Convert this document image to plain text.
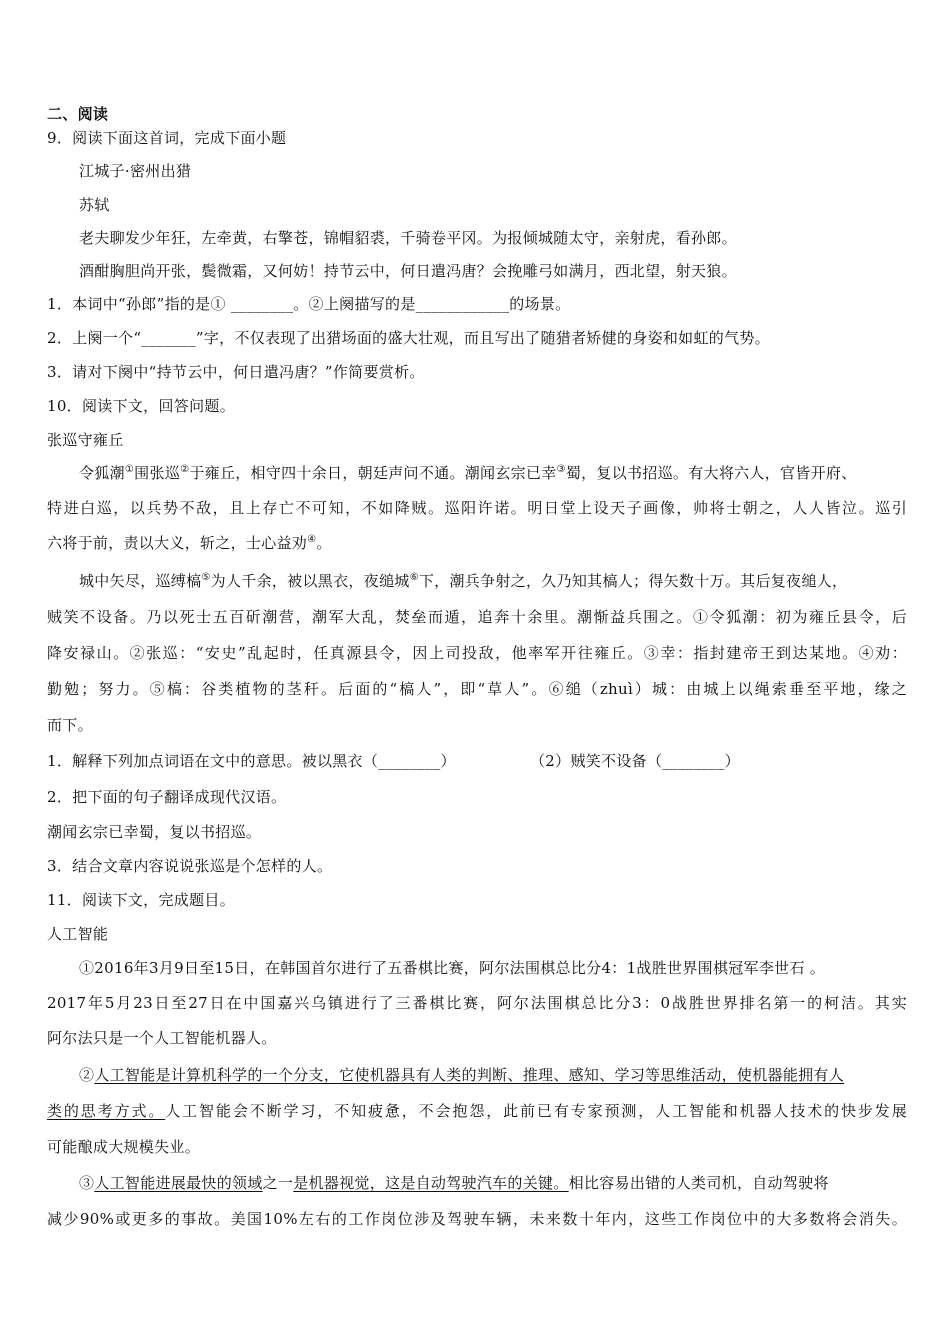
二、阅读
9．阅读下面这首词，完成下面小题
江城子·密州出猎
苏轼
老夫聊发少年狂，左牵黄，右擎苍，锦帽貂裘，千骑卷平冈。为报倾城随太守，亲射虎，看孙郎。
酒酣胸胆尚开张，鬓微霜，又何妨！持节云中，何日遣冯唐？会挽雕弓如满月，西北望，射天狼。
1．本词中“孙郎”指的是① ________。②上阕描写的是____________的场景。
2．上阕一个“_______”字，不仅表现了出猎场面的盛大壮观，而且写出了随猎者矫健的身姿和如虹的气势。
3．请对下阕中“持节云中，何日遣冯唐？”作简要赏析。
10．阅读下文，回答问题。
张巡守雍丘
令狐潮①围张巡②于雍丘，相守四十余日，朝廷声问不通。潮闻玄宗已幸③蜀，复以书招巡。有大将六人，官皆开府、
特进白巡，以兵势不敌，且上存亡不可知，不如降贼。巡阳许诺。明日堂上设天子画像，帅将士朝之，人人皆泣。巡引
六将于前，责以大义，斩之，士心益劝④。
城中矢尽，巡缚槁⑤为人千余，被以黑衣，夜缒城⑥下，潮兵争射之，久乃知其槁人；得矢数十万。其后复夜缒人，
贼笑不设备。乃以死士五百斫潮营，潮军大乱，焚垒而遁，追奔十余里。潮惭益兵围之。①令狐潮：初为雍丘县令，后
降安禄山。②张巡：“安史”乱起时，任真源县令，因上司投敌，他率军开往雍丘。③幸：指封建帝王到达某地。④劝：
勤勉；努力。⑤槁：谷类植物的茎秆。后面的“槁人”，即“草人”。⑥缒（zhuì）城：由城上以绳索垂至平地，缘之
而下。
1．解释下列加点词语在文中的意思。被以黑衣（________）	（2）贼笑不设备（________）
2．把下面的句子翻译成现代汉语。
潮闻玄宗已幸蜀，复以书招巡。
3．结合文章内容说说张巡是个怎样的人。
11．阅读下文，完成题目。
人工智能
①2016年3月9日至15日，在韩国首尔进行了五番棋比赛，阿尔法围棋总比分4：1战胜世界围棋冠军李世石 。
2017年5月23日至27日在中国嘉兴乌镇进行了三番棋比赛，阿尔法围棋总比分3：0战胜世界排名第一的柯洁。其实
阿尔法只是一个人工智能机器人。
②人工智能是计算机科学的一个分支，它使机器具有人类的判断、推理、感知、学习等思维活动，使机器能拥有人
类的思考方式。人工智能会不断学习，不知疲惫，不会抱怨，此前已有专家预测，人工智能和机器人技术的快步发展
可能酿成大规模失业。
③人工智能进展最快的领域之一是机器视觉，这是自动驾驶汽车的关键。相比容易出错的人类司机，自动驾驶将
减少90%或更多的事故。美国10%左右的工作岗位涉及驾驶车辆，未来数十年内，这些工作岗位中的大多数将会消失。
